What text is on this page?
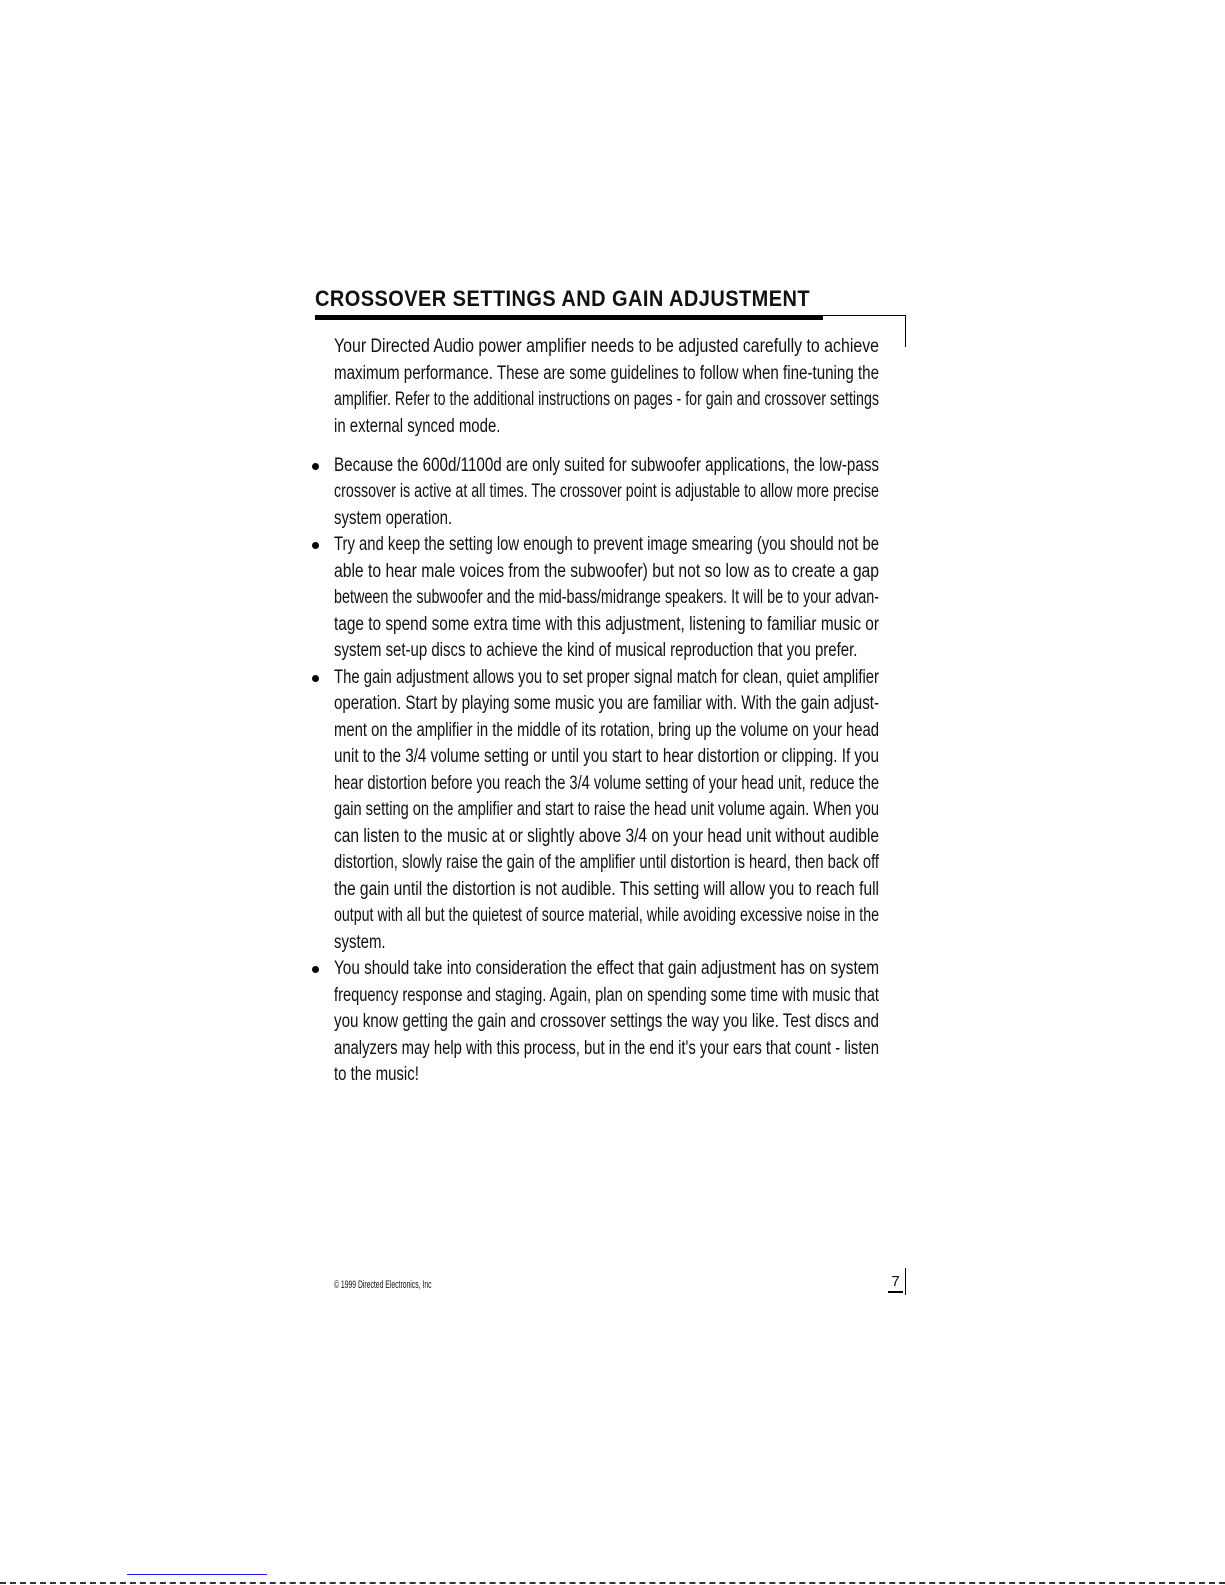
CROSSOVER SETTINGS AND GAIN ADJUSTMENT
Your Directed Audio power amplifier needs to be adjusted carefully to achieve
maximum performance. These are some guidelines to follow when fine-tuning the
amplifier. Refer to the additional instructions on pages - for gain and crossover settings
in external synced mode.
Because the 600d/1100d are only suited for subwoofer applications, the low-pass
crossover is active at all times. The crossover point is adjustable to allow more precise
system operation.
Try and keep the setting low enough to prevent image smearing (you should not be
able to hear male voices from the subwoofer) but not so low as to create a gap
between the subwoofer and the mid-bass/midrange speakers. It will be to your advan-
tage to spend some extra time with this adjustment, listening to familiar music or
system set-up discs to achieve the kind of musical reproduction that you prefer.
The gain adjustment allows you to set proper signal match for clean, quiet amplifier
operation. Start by playing some music you are familiar with. With the gain adjust-
ment on the amplifier in the middle of its rotation, bring up the volume on your head
unit to the 3/4 volume setting or until you start to hear distortion or clipping. If you
hear distortion before you reach the 3/4 volume setting of your head unit, reduce the
gain setting on the amplifier and start to raise the head unit volume again. When you
can listen to the music at or slightly above 3/4 on your head unit without audible
distortion, slowly raise the gain of the amplifier until distortion is heard, then back off
the gain until the distortion is not audible. This setting will allow you to reach full
output with all but the quietest of source material, while avoiding excessive noise in the
system.
You should take into consideration the effect that gain adjustment has on system
frequency response and staging. Again, plan on spending some time with music that
you know getting the gain and crossover settings the way you like. Test discs and
analyzers may help with this process, but in the end it's your ears that count - listen
to the music!
© 1999 Directed Electronics, Inc	7
